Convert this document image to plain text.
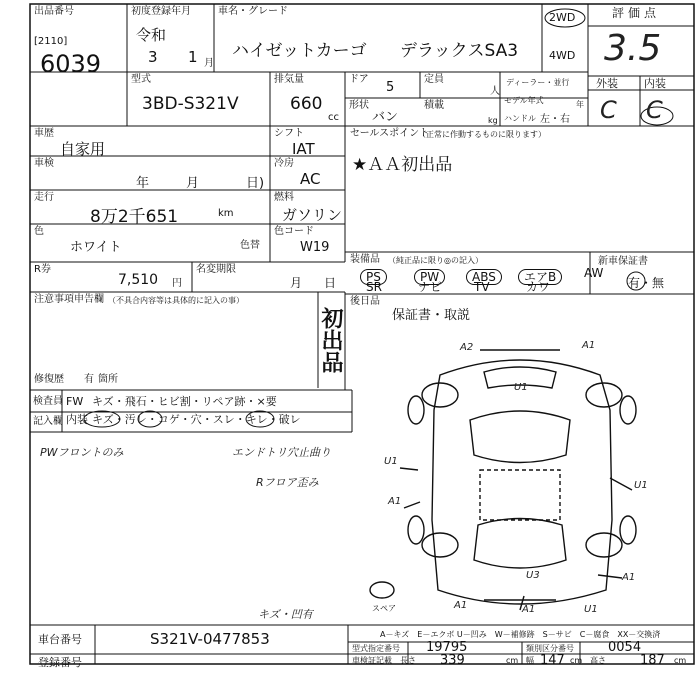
出品番号
[2110]
6039
初度登録年月
令和
3 1 月
車名・グレード
ハイゼットカーゴ デラックスSA3
2WD
4WD
評価点
3.5
型式
3BD-S321V
排気量
660
cc
ドア
5
定員
人
ディーラー・並行
形状
バン
積載
kg
モデル年式	年
ハンドル 左・右
外装 内装
C C
車歴
自家用
シフト
IAT
車検
年	月	日)
冷房
AC
走行
8万2千651	km
燃料
ガソリン
色
ホワイト	色替
色コード
W19
R券
7,510 円
名変期限
月 日
注意事項申告欄 （不具合内容等は具体的に記入の事）
初出品
修復歴 有 箇所
検査員
記入欄
FW キズ・飛石・ヒビ割・リペア跡・×要
内装 キズ・汚レ・コゲ・穴・スレ・キレ・破レ
セールスポイント
（正常に作動するものに限ります）
★ＡＡ初出品
装備品 （純正品に限り◎の記入）
PS	PW	ABS	エアB	AW
SR	ナビ	TV	カワ
新車保証書
有・無
後日品
保証書・取説
PWフロントのみ	エンドトリ穴止曲り
Rフロア歪み
キズ・凹有
A2	A1
U1
A1
U1
U1
U3	A1
A1	U1
A1
スペア
A－キズ　E－エクボ U－凹み　W－補修跡　S－サビ　C－腐食　XX－交換済
車台番号	S321V-0477853
登録番号
型式指定番号 19795	類別区分番号	0054
車検証記載 長さ 339	cm 幅 147 cm 高さ	187 cm
